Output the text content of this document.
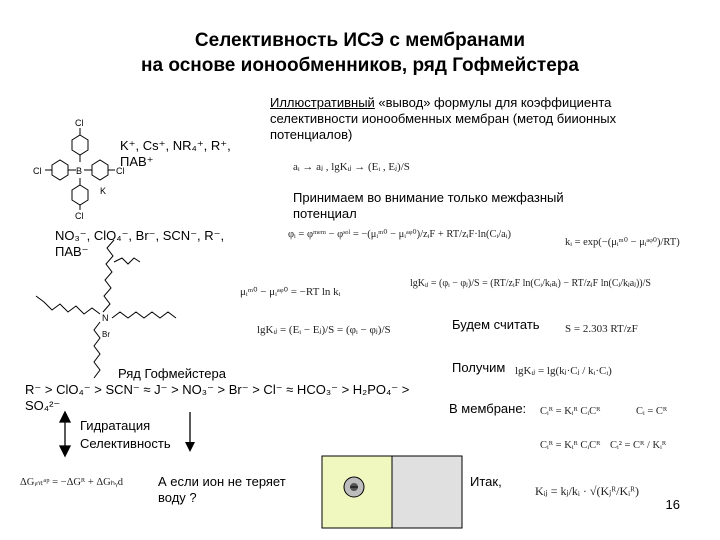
Селективность ИСЭ с мембранами
на основе ионообменников, ряд Гофмейстера
Иллюстративный «вывод» формулы для коэффициента
селективности ионообменных мембран (метод биионных
потенциалов)
K⁺, Cs⁺, NR₄⁺, R⁺,
ПАВ⁺
Принимаем во внимание только межфазный
потенциал
NO₃⁻, ClO₄⁻, Br⁻, SCN⁻, R⁻,
ПАВ⁻
Будем считать
Получим
Ряд Гофмейстера
R⁻ > ClO₄⁻ > SCN⁻ ≈ J⁻ > NO₃⁻ > Br⁻ > Cl⁻ ≈ HCO₃⁻ > H₂PO₄⁻ >
SO₄²⁻	В мембране:
Гидратация
Селективность
А если ион не теряет
воду ?
Итак,
16
aᵢ → aⱼ , lgKᵢⱼ → (Eᵢ , Eⱼ)/S
φᵢ = φᵐᵉᵐ − φˢᵒˡ = −(μᵢᵐ⁰ − μᵢᵃᵠ⁰)/zᵢF + RT/zᵢF·ln(Cᵢ/aᵢ)
kᵢ = exp(−(μᵢᵐ⁰ − μᵢᵃᵠ⁰)/RT)
μᵢᵐ⁰ − μᵢᵃᵠ⁰ = −RT ln kᵢ
lgKᵢⱼ = (φᵢ − φⱼ)/S = (RT/zᵢF ln(Cᵢ/kᵢaᵢ) − RT/zⱼF ln(Cⱼ/kⱼaⱼ))/S
lgKᵢⱼ = (Eᵢ − Eⱼ)/S = (φᵢ − φⱼ)/S	S = 2.303 RT/zF
lgKᵢⱼ = lg(kⱼ·Cⱼ / kᵢ·Cᵢ)
Cᵢᴿ = Kᵢᴿ CᵢCᴿ	Cᵢ = Cᴿ
Cᵢᴿ = Kᵢᴿ CᵢCᴿ Cᵢ² = Cᴿ / Kᵢᴿ
ΔGᵢₙₜᵃᵖ = −ΔGᴿ + ΔGₕᵧd
Kᵢⱼ = kⱼ/kᵢ · √(Kⱼᴿ/Kᵢᴿ)
Cl
Cl	Cl
Cl
B
K
N
Br
